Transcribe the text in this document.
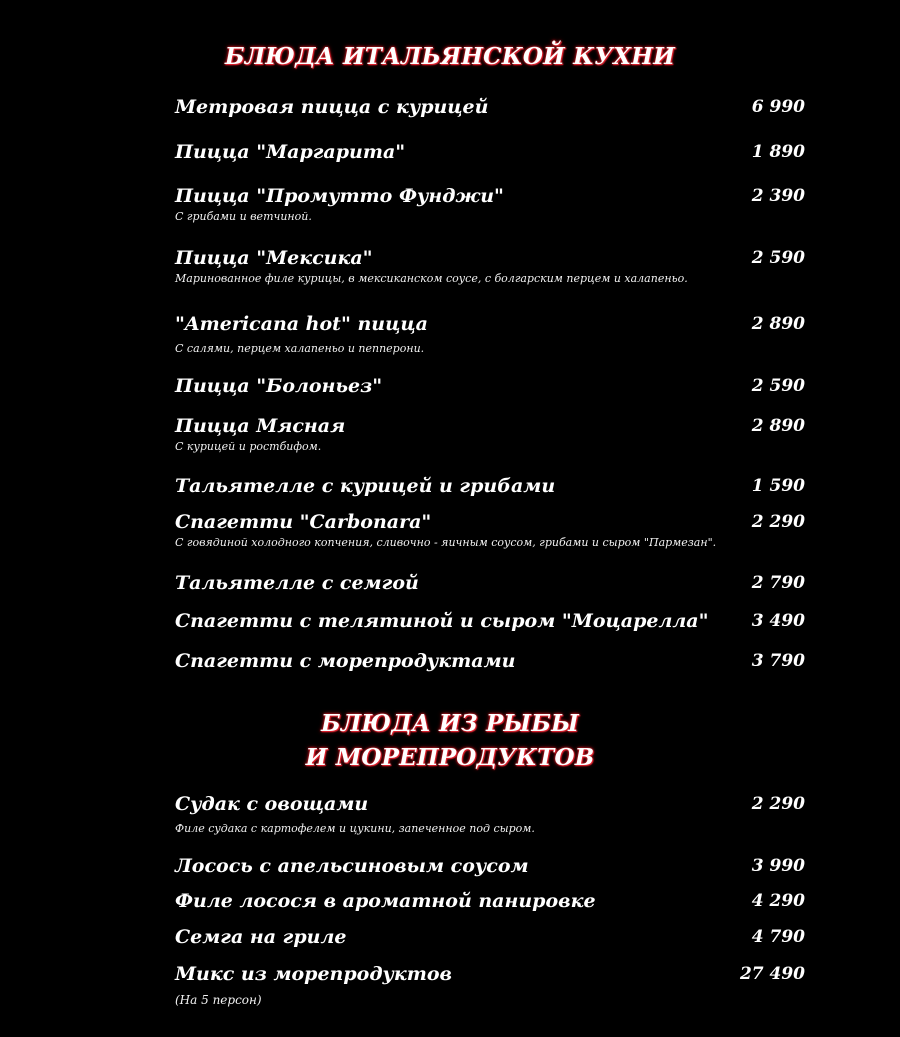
БЛЮДА ИТАЛЬЯНСКОЙ КУХНИ
Метровая пицца с курицей	6 990
Пицца "Маргарита"	1 890
Пицца "Промутто Фунджи"	2 390
С грибами и ветчиной.
Пицца "Мексика"	2 590
Маринованное филе курицы, в мексиканском соусе, с болгарским перцем и халапеньо.
"Americana hot" пицца	2 890
С салями, перцем халапеньо и пепперони.
Пицца "Болоньез"	2 590
Пицца Мясная	2 890
С курицей и ростбифом.
Тальятелле с курицей и грибами	1 590
Спагетти "Carbonara"	2 290
С говядиной холодного копчения, сливочно - яичным соусом, грибами и сыром "Пармезан".
Тальятелле с семгой	2 790
Спагетти с телятиной и сыром "Моцарелла"	3 490
Спагетти с морепродуктами	3 790
БЛЮДА ИЗ РЫБЫ
И МОРЕПРОДУКТОВ
Судак с овощами	2 290
Филе судака с картофелем и цукини, запеченное под сыром.
Лосось с апельсиновым соусом	3 990
Филе лосося в ароматной панировке	4 290
Семга на гриле	4 790
Микс из морепродуктов	27 490
(На 5 персон)
